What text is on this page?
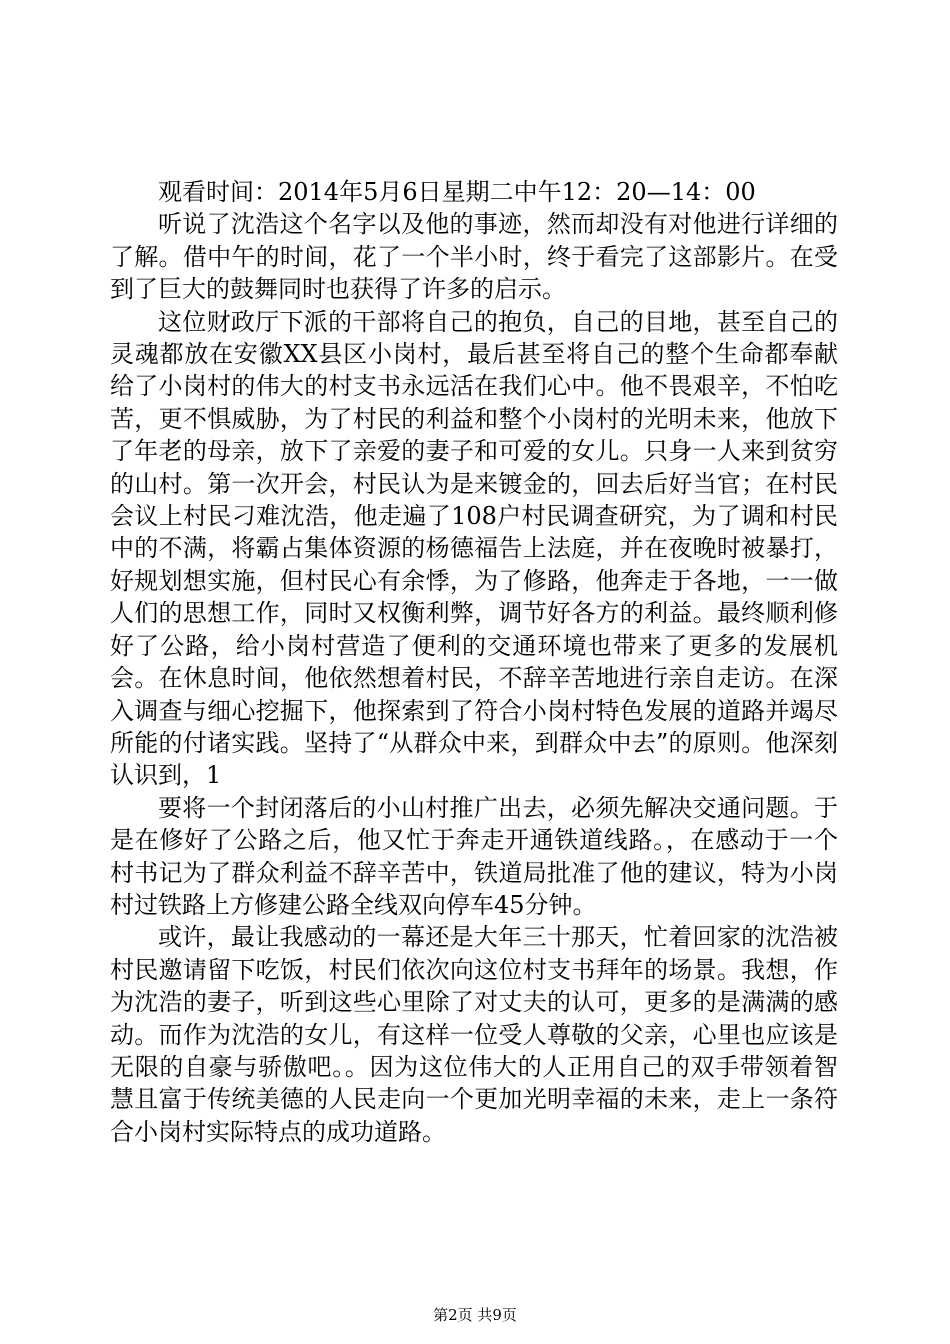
观看时间：2014年5月6日星期二中午12：20—14：00

听说了沈浩这个名字以及他的事迹，然而却没有对他进行详细的了解。借中午的时间，花了一个半小时，终于看完了这部影片。在受到了巨大的鼓舞同时也获得了许多的启示。

这位财政厅下派的干部将自己的抱负，自己的目地，甚至自己的灵魂都放在安徽XX县区小岗村，最后甚至将自己的整个生命都奉献给了小岗村的伟大的村支书永远活在我们心中。他不畏艰辛，不怕吃苦，更不惧威胁，为了村民的利益和整个小岗村的光明未来，他放下了年老的母亲，放下了亲爱的妻子和可爱的女儿。只身一人来到贫穷的山村。第一次开会，村民认为是来镀金的，回去后好当官；在村民会议上村民刁难沈浩，他走遍了108户村民调查研究，为了调和村民中的不满，将霸占集体资源的杨德福告上法庭，并在夜晚时被暴打，好规划想实施，但村民心有余悸，为了修路，他奔走于各地，一一做人们的思想工作，同时又权衡利弊，调节好各方的利益。最终顺利修好了公路，给小岗村营造了便利的交通环境也带来了更多的发展机会。在休息时间，他依然想着村民，不辞辛苦地进行亲自走访。在深入调查与细心挖掘下，他探索到了符合小岗村特色发展的道路并竭尽所能的付诸实践。坚持了“从群众中来，到群众中去”的原则。他深刻认识到，1

要将一个封闭落后的小山村推广出去，必须先解决交通问题。于是在修好了公路之后，他又忙于奔走开通铁道线路。，在感动于一个村书记为了群众利益不辞辛苦中，铁道局批准了他的建议，特为小岗村过铁路上方修建公路全线双向停车45分钟。

或许，最让我感动的一幕还是大年三十那天，忙着回家的沈浩被村民邀请留下吃饭，村民们依次向这位村支书拜年的场景。我想，作为沈浩的妻子，听到这些心里除了对丈夫的认可，更多的是满满的感动。而作为沈浩的女儿，有这样一位受人尊敬的父亲，心里也应该是无限的自豪与骄傲吧。。因为这位伟大的人正用自己的双手带领着智慧且富于传统美德的人民走向一个更加光明幸福的未来，走上一条符合小岗村实际特点的成功道路。

第2页 共9页
